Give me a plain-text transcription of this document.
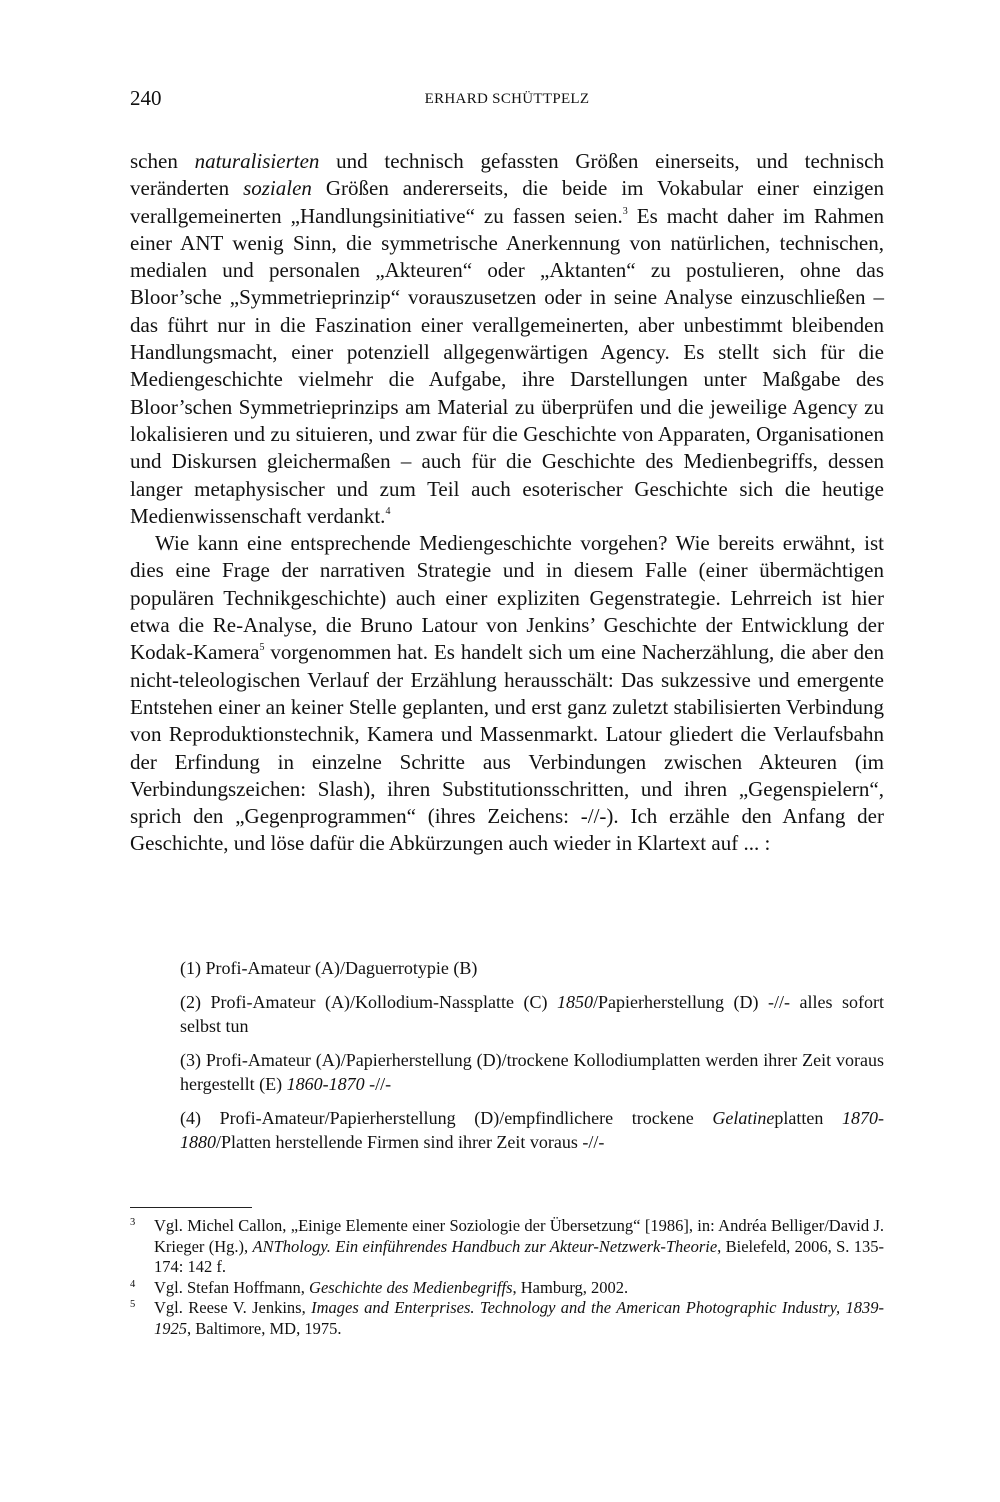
240	ERHARD SCHÜTTPELZ

schen naturalisierten und technisch gefassten Größen einerseits, und technisch veränderten sozialen Größen andererseits, die beide im Vokabular einer einzigen verallgemeinerten „Handlungsinitiative“ zu fassen seien.$^3$ Es macht daher im Rahmen einer ANT wenig Sinn, die symmetrische Anerkennung von natürlichen, technischen, medialen und personalen „Akteuren“ oder „Aktanten“ zu postulieren, ohne das Bloor’sche „Symmetrieprinzip“ vorauszusetzen oder in seine Analyse einzuschließen – das führt nur in die Faszination einer verallgemeinerten, aber unbestimmt bleibenden Handlungsmacht, einer potenziell allgegenwärtigen Agency. Es stellt sich für die Mediengeschichte vielmehr die Aufgabe, ihre Darstellungen unter Maßgabe des Bloor’schen Symmetrieprinzips am Material zu überprüfen und die jeweilige Agency zu lokalisieren und zu situieren, und zwar für die Geschichte von Apparaten, Organisationen und Diskursen gleichermaßen – auch für die Geschichte des Medienbegriffs, dessen langer metaphysischer und zum Teil auch esoterischer Geschichte sich die heutige Medienwissenschaft verdankt.$^4$

Wie kann eine entsprechende Mediengeschichte vorgehen? Wie bereits erwähnt, ist dies eine Frage der narrativen Strategie und in diesem Falle (einer übermächtigen populären Technikgeschichte) auch einer expliziten Gegenstrategie. Lehrreich ist hier etwa die Re-Analyse, die Bruno Latour von Jenkins’ Geschichte der Entwicklung der Kodak-Kamera$^5$ vorgenommen hat. Es handelt sich um eine Nacherzählung, die aber den nicht-teleologischen Verlauf der Erzählung herausschält: Das sukzessive und emergente Entstehen einer an keiner Stelle geplanten, und erst ganz zuletzt stabilisierten Verbindung von Reproduktionstechnik, Kamera und Massenmarkt. Latour gliedert die Verlaufsbahn der Erfindung in einzelne Schritte aus Verbindungen zwischen Akteuren (im Verbindungszeichen: Slash), ihren Substitutionsschritten, und ihren „Gegenspielern“, sprich den „Gegenprogrammen“ (ihres Zeichens: -//-). Ich erzähle den Anfang der Geschichte, und löse dafür die Abkürzungen auch wieder in Klartext auf ... :

(1) Profi-Amateur (A)/Daguerrotypie (B)

(2) Profi-Amateur (A)/Kollodium-Nassplatte (C) 1850/Papierherstellung (D) -//- alles sofort selbst tun

(3) Profi-Amateur (A)/Papierherstellung (D)/trockene Kollodiumplatten werden ihrer Zeit voraus hergestellt (E) 1860-1870 -//-

(4) Profi-Amateur/Papierherstellung (D)/empfindlichere trockene Gelatineplatten 1870-1880/Platten herstellende Firmen sind ihrer Zeit voraus -//-

3 Vgl. Michel Callon, „Einige Elemente einer Soziologie der Übersetzung“ [1986], in: Andréa Belliger/David J. Krieger (Hg.), ANThology. Ein einführendes Handbuch zur Akteur-Netzwerk-Theorie, Bielefeld, 2006, S. 135-174: 142 f.
4 Vgl. Stefan Hoffmann, Geschichte des Medienbegriffs, Hamburg, 2002.
5 Vgl. Reese V. Jenkins, Images and Enterprises. Technology and the American Photographic Industry, 1839-1925, Baltimore, MD, 1975.
